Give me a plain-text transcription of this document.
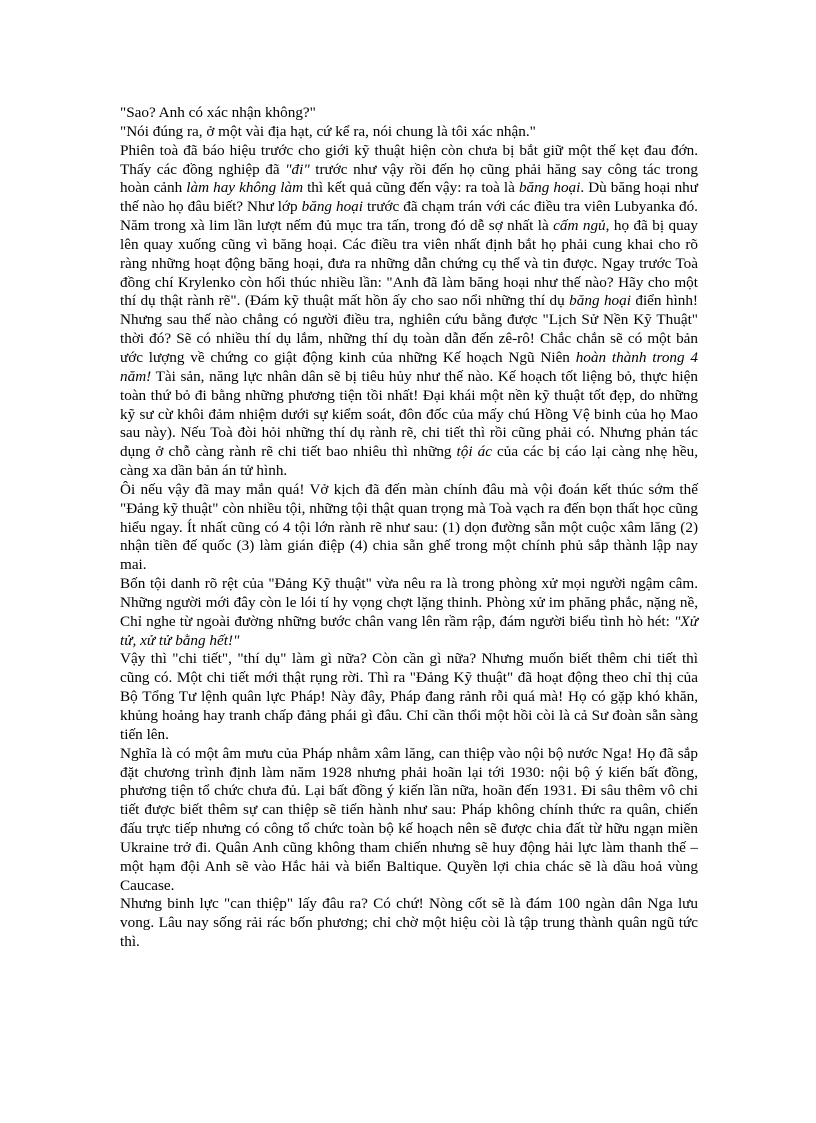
"Sao? Anh có xác nhận không?"

"Nói đúng ra, ở một vài địa hạt, cứ kể ra, nói chung là tôi xác nhận."

Phiên toà đã báo hiệu trước cho giới kỹ thuật hiện còn chưa bị bắt giữ một thế kẹt đau đớn. Thấy các đồng nghiệp đã "đi" trước như vậy rồi đến họ cũng phải hăng say công tác trong hoàn cảnh làm hay không làm thì kết quả cũng đến vậy: ra toà là băng hoại. Dù băng hoại như thế nào họ đâu biết? Như lớp băng hoại trước đã chạm trán với các điều tra viên Lubyanka đó. Năm trong xà lim lần lượt nếm đủ mục tra tấn, trong đó dễ sợ nhất là cấm ngủ, họ đã bị quay lên quay xuống cũng vì băng hoại. Các điều tra viên nhất định bắt họ phải cung khai cho rõ ràng những hoạt động băng hoại, đưa ra những dẫn chứng cụ thể và tin được. Ngay trước Toà đồng chí Krylenko còn hối thúc nhiều lần: "Anh đã làm băng hoại như thế nào? Hãy cho một thí dụ thật rành rẽ". (Đám kỹ thuật mất hồn ấy cho sao nổi những thí dụ băng hoại điển hình! Nhưng sau thế nào chẳng có người điều tra, nghiên cứu bằng được "Lịch Sử Nền Kỹ Thuật" thời đó? Sẽ có nhiều thí dụ lắm, những thí dụ toàn dẫn đến zê-rô! Chắc chắn sẽ có một bản ước lượng về chứng co giật động kinh của những Kế hoạch Ngũ Niên hoàn thành trong 4 năm! Tài sản, năng lực nhân dân sẽ bị tiêu hủy như thế nào. Kế hoạch tốt liệng bỏ, thực hiện toàn thứ bỏ đi bằng những phương tiện tồi nhất! Đại khái một nền kỹ thuật tốt đẹp, do những kỹ sư cừ khôi đảm nhiệm dưới sự kiểm soát, đôn đốc của mấy chú Hồng Vệ binh của họ Mao sau này). Nếu Toà đòi hỏi những thí dụ rành rẽ, chi tiết thì rồi cũng phải có. Nhưng phản tác dụng ở chỗ càng rành rẽ chi tiết bao nhiêu thì những tội ác của các bị cáo lại càng nhẹ hều, càng xa dần bản án tử hình.

Ôi nếu vậy đã may mắn quá! Vở kịch đã đến màn chính đâu mà vội đoán kết thúc sớm thế "Đảng kỹ thuật" còn nhiều tội, những tội thật quan trọng mà Toà vạch ra đến bọn thất học cũng hiểu ngay. Ít nhất cũng có 4 tội lớn rành rẽ như sau: (1) dọn đường sẵn một cuộc xâm lăng (2) nhận tiền đế quốc (3) làm gián điệp (4) chia sẵn ghế trong một chính phủ sắp thành lập nay mai.

Bốn tội danh rõ rệt của "Đảng Kỹ thuật" vừa nêu ra là trong phòng xử mọi người ngậm câm. Những người mới đây còn le lói tí hy vọng chợt lặng thinh. Phòng xử im phăng phắc, nặng nề, Chỉ nghe từ ngoài đường những bước chân vang lên rầm rập, đám người biểu tình hò hét: "Xử tử, xử tử bằng hết!"

Vậy thì "chi tiết", "thí dụ" làm gì nữa? Còn cần gì nữa? Nhưng muốn biết thêm chi tiết thì cũng có. Một chi tiết mới thật rụng rời. Thì ra "Đảng Kỹ thuật" đã hoạt động theo chỉ thị của Bộ Tổng Tư lệnh quân lực Pháp! Này đây, Pháp đang rảnh rỗi quá mà! Họ có gặp khó khăn, khủng hoảng hay tranh chấp đảng phái gì đâu. Chỉ cần thổi một hồi còi là cả Sư đoàn sẵn sàng tiến lên.

Nghĩa là có một âm mưu của Pháp nhằm xâm lăng, can thiệp vào nội bộ nước Nga! Họ đã sắp đặt chương trình định làm năm 1928 nhưng phải hoãn lại tới 1930: nội bộ ý kiến bất đồng, phương tiện tổ chức chưa đủ. Lại bất đồng ý kiến lần nữa, hoãn đến 1931. Đi sâu thêm vô chi tiết được biết thêm sự can thiệp sẽ tiến hành như sau: Pháp không chính thức ra quân, chiến đấu trực tiếp nhưng có công tổ chức toàn bộ kế hoạch nên sẽ được chia đất từ hữu ngạn miền Ukraine trở đi. Quân Anh cũng không tham chiến nhưng sẽ huy động hải lực làm thanh thế – một hạm đội Anh sẽ vào Hắc hải và biển Baltique. Quyền lợi chia chác sẽ là dầu hoả vùng Caucase.

Nhưng binh lực "can thiệp" lấy đâu ra? Có chứ! Nòng cốt sẽ là đám 100 ngàn dân Nga lưu vong. Lâu nay sống rải rác bốn phương; chỉ chờ một hiệu còi là tập trung thành quân ngũ tức thì.
